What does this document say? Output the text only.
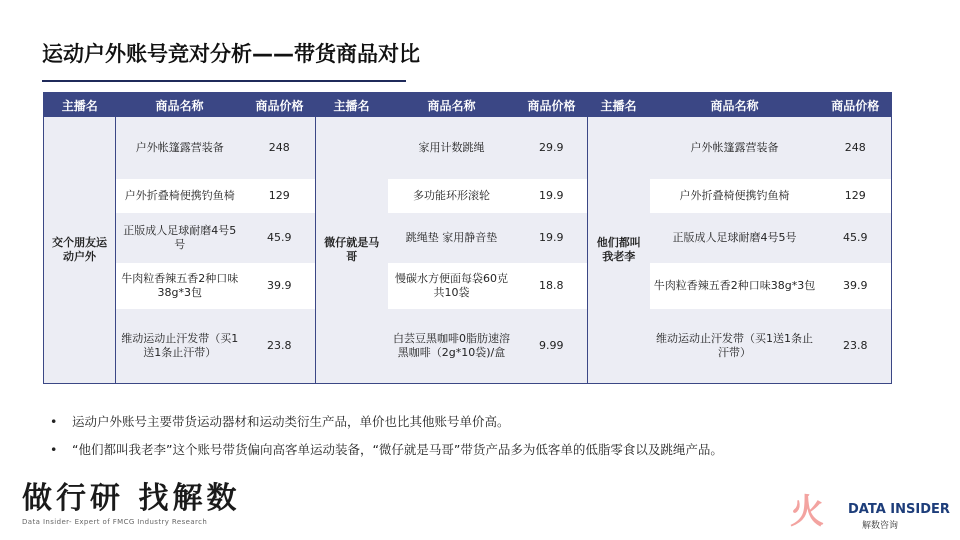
运动户外账号竞对分析——带货商品对比
主播名	商品名称	商品价格	主播名	商品名称	商品价格	主播名	商品名称	商品价格
交个朋友运动户外	户外帐篷露营装备	248	微仔就是马哥	家用计数跳绳	29.9	他们都叫我老李	户外帐篷露营装备	248
	户外折叠椅便携钓鱼椅	129		多功能环形滚轮	19.9		户外折叠椅便携钓鱼椅	129
	正版成人足球耐磨4号5号	45.9		跳绳垫 家用静音垫	19.9		正版成人足球耐磨4号5号	45.9
	牛肉粒香辣五香2种口味38g*3包	39.9		慢碳水方便面每袋60克共10袋	18.8		牛肉粒香辣五香2种口味38g*3包	39.9
	维动运动止汗发带（买1送1条止汗带）	23.8		白芸豆黑咖啡0脂肪速溶黑咖啡（2g*10袋)/盒	9.99		维动运动止汗发带（买1送1条止汗带）	23.8
• 运动户外账号主要带货运动器材和运动类衍生产品，单价也比其他账号单价高。
• “他们都叫我老李”这个账号带货偏向高客单运动装备，“微仔就是马哥”带货产品多为低客单的低脂零食以及跳绳产品。
做行研 找解数
Data Insider- Expert of FMCG Industry Research	火 DATA INSIDER
解数咨询
